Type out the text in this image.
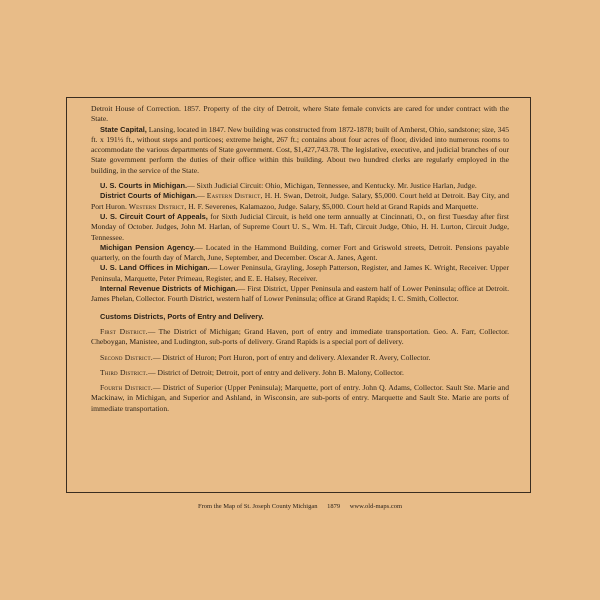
Detroit House of Correction. 1857. Property of the city of Detroit, where State female convicts are cared for under contract with the State.

State Capital, Lansing, located in 1847. New building was constructed from 1872-1878; built of Amherst, Ohio, sandstone; size, 345 ft. x 191½ ft., without steps and porticoes; extreme height, 267 ft.; contains about four acres of floor, divided into numerous rooms to accommodate the various departments of State government. Cost, $1,427,743.78. The legislative, executive, and judicial branches of our State government perform the duties of their office within this building. About two hundred clerks are regularly employed in the building, in the service of the State.

U. S. Courts in Michigan.— Sixth Judicial Circuit: Ohio, Michigan, Tennessee, and Kentucky. Mr. Justice Harlan, Judge.

District Courts of Michigan.— Eastern District, H. H. Swan, Detroit, Judge. Salary, $5,000. Court held at Detroit. Bay City, and Port Huron. Western District, H. F. Severenes, Kalamazoo, Judge. Salary, $5,000. Court held at Grand Rapids and Marquette.

U. S. Circuit Court of Appeals, for Sixth Judicial Circuit, is held one term annually at Cincinnati, O., on first Tuesday after first Monday of October. Judges, John M. Harlan, of Supreme Court U. S., Wm. H. Taft, Circuit Judge, Ohio, H. H. Lurton, Circuit Judge, Tennessee.

Michigan Pension Agency.— Located in the Hammond Building, corner Fort and Griswold streets, Detroit. Pensions payable quarterly, on the fourth day of March, June, September, and December. Oscar A. Janes, Agent.

U. S. Land Offices in Michigan.— Lower Peninsula, Grayling, Joseph Patterson, Register, and James K. Wright, Receiver. Upper Peninsula, Marquette, Peter Primeau, Register, and E. E. Halsey, Receiver.

Internal Revenue Districts of Michigan.— First District, Upper Peninsula and eastern half of Lower Peninsula; office at Detroit. James Phelan, Collector. Fourth District, western half of Lower Peninsula; office at Grand Rapids; I. C. Smith, Collector.

Customs Districts, Ports of Entry and Delivery.

First District.— The District of Michigan; Grand Haven, port of entry and immediate transportation. Geo. A. Farr, Collector. Cheboygan, Manistee, and Ludington, sub-ports of delivery. Grand Rapids is a special port of delivery.

Second District.— District of Huron; Port Huron, port of entry and delivery. Alexander R. Avery, Collector.

Third District.— District of Detroit; Detroit, port of entry and delivery. John B. Malony, Collector.

Fourth District.— District of Superior (Upper Peninsula); Marquette, port of entry. John Q. Adams, Collector. Sault Ste. Marie and Mackinaw, in Michigan, and Superior and Ashland, in Wisconsin, are sub-ports of entry. Marquette and Sault Ste. Marie are ports of immediate transportation.

From the Map of St. Joseph County Michigan 1879 www.old-maps.com
